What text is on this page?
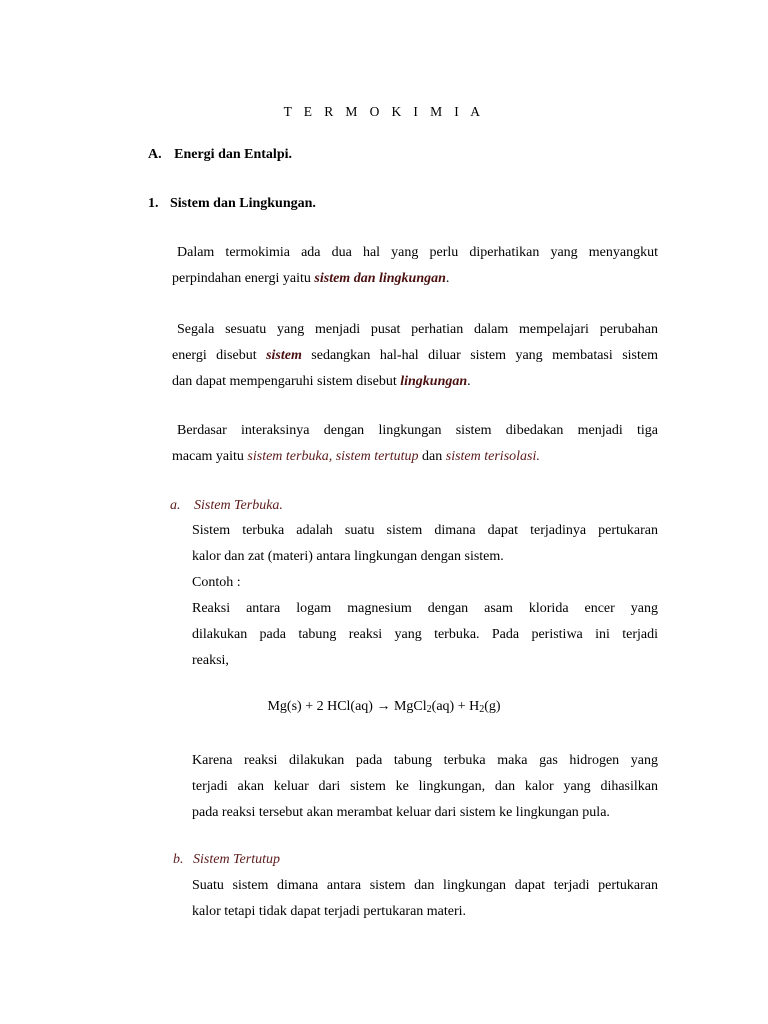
T E R M O K I M I A
A. Energi dan Entalpi.
1. Sistem dan Lingkungan.
Dalam termokimia ada dua hal yang perlu diperhatikan yang menyangkut
perpindahan energi yaitu sistem dan lingkungan.
Segala sesuatu yang menjadi pusat perhatian dalam mempelajari perubahan
energi disebut sistem sedangkan hal-hal diluar sistem yang membatasi sistem
dan dapat mempengaruhi sistem disebut lingkungan.
Berdasar interaksinya dengan lingkungan sistem dibedakan menjadi tiga
macam yaitu sistem terbuka, sistem tertutup dan sistem terisolasi.
a. Sistem Terbuka.
Sistem terbuka adalah suatu sistem dimana dapat terjadinya pertukaran
kalor dan zat (materi) antara lingkungan dengan sistem.
Contoh :
Reaksi antara logam magnesium dengan asam klorida encer yang
dilakukan pada tabung reaksi yang terbuka. Pada peristiwa ini terjadi
reaksi,
Mg(s) + 2 HCl(aq) → MgCl$_2$(aq) + $H_2(g)$
Karena reaksi dilakukan pada tabung terbuka maka gas hidrogen yang
terjadi akan keluar dari sistem ke lingkungan, dan kalor yang dihasilkan
pada reaksi tersebut akan merambat keluar dari sistem ke lingkungan pula.
b. Sistem Tertutup
Suatu sistem dimana antara sistem dan lingkungan dapat terjadi pertukaran
kalor tetapi tidak dapat terjadi pertukaran materi.
